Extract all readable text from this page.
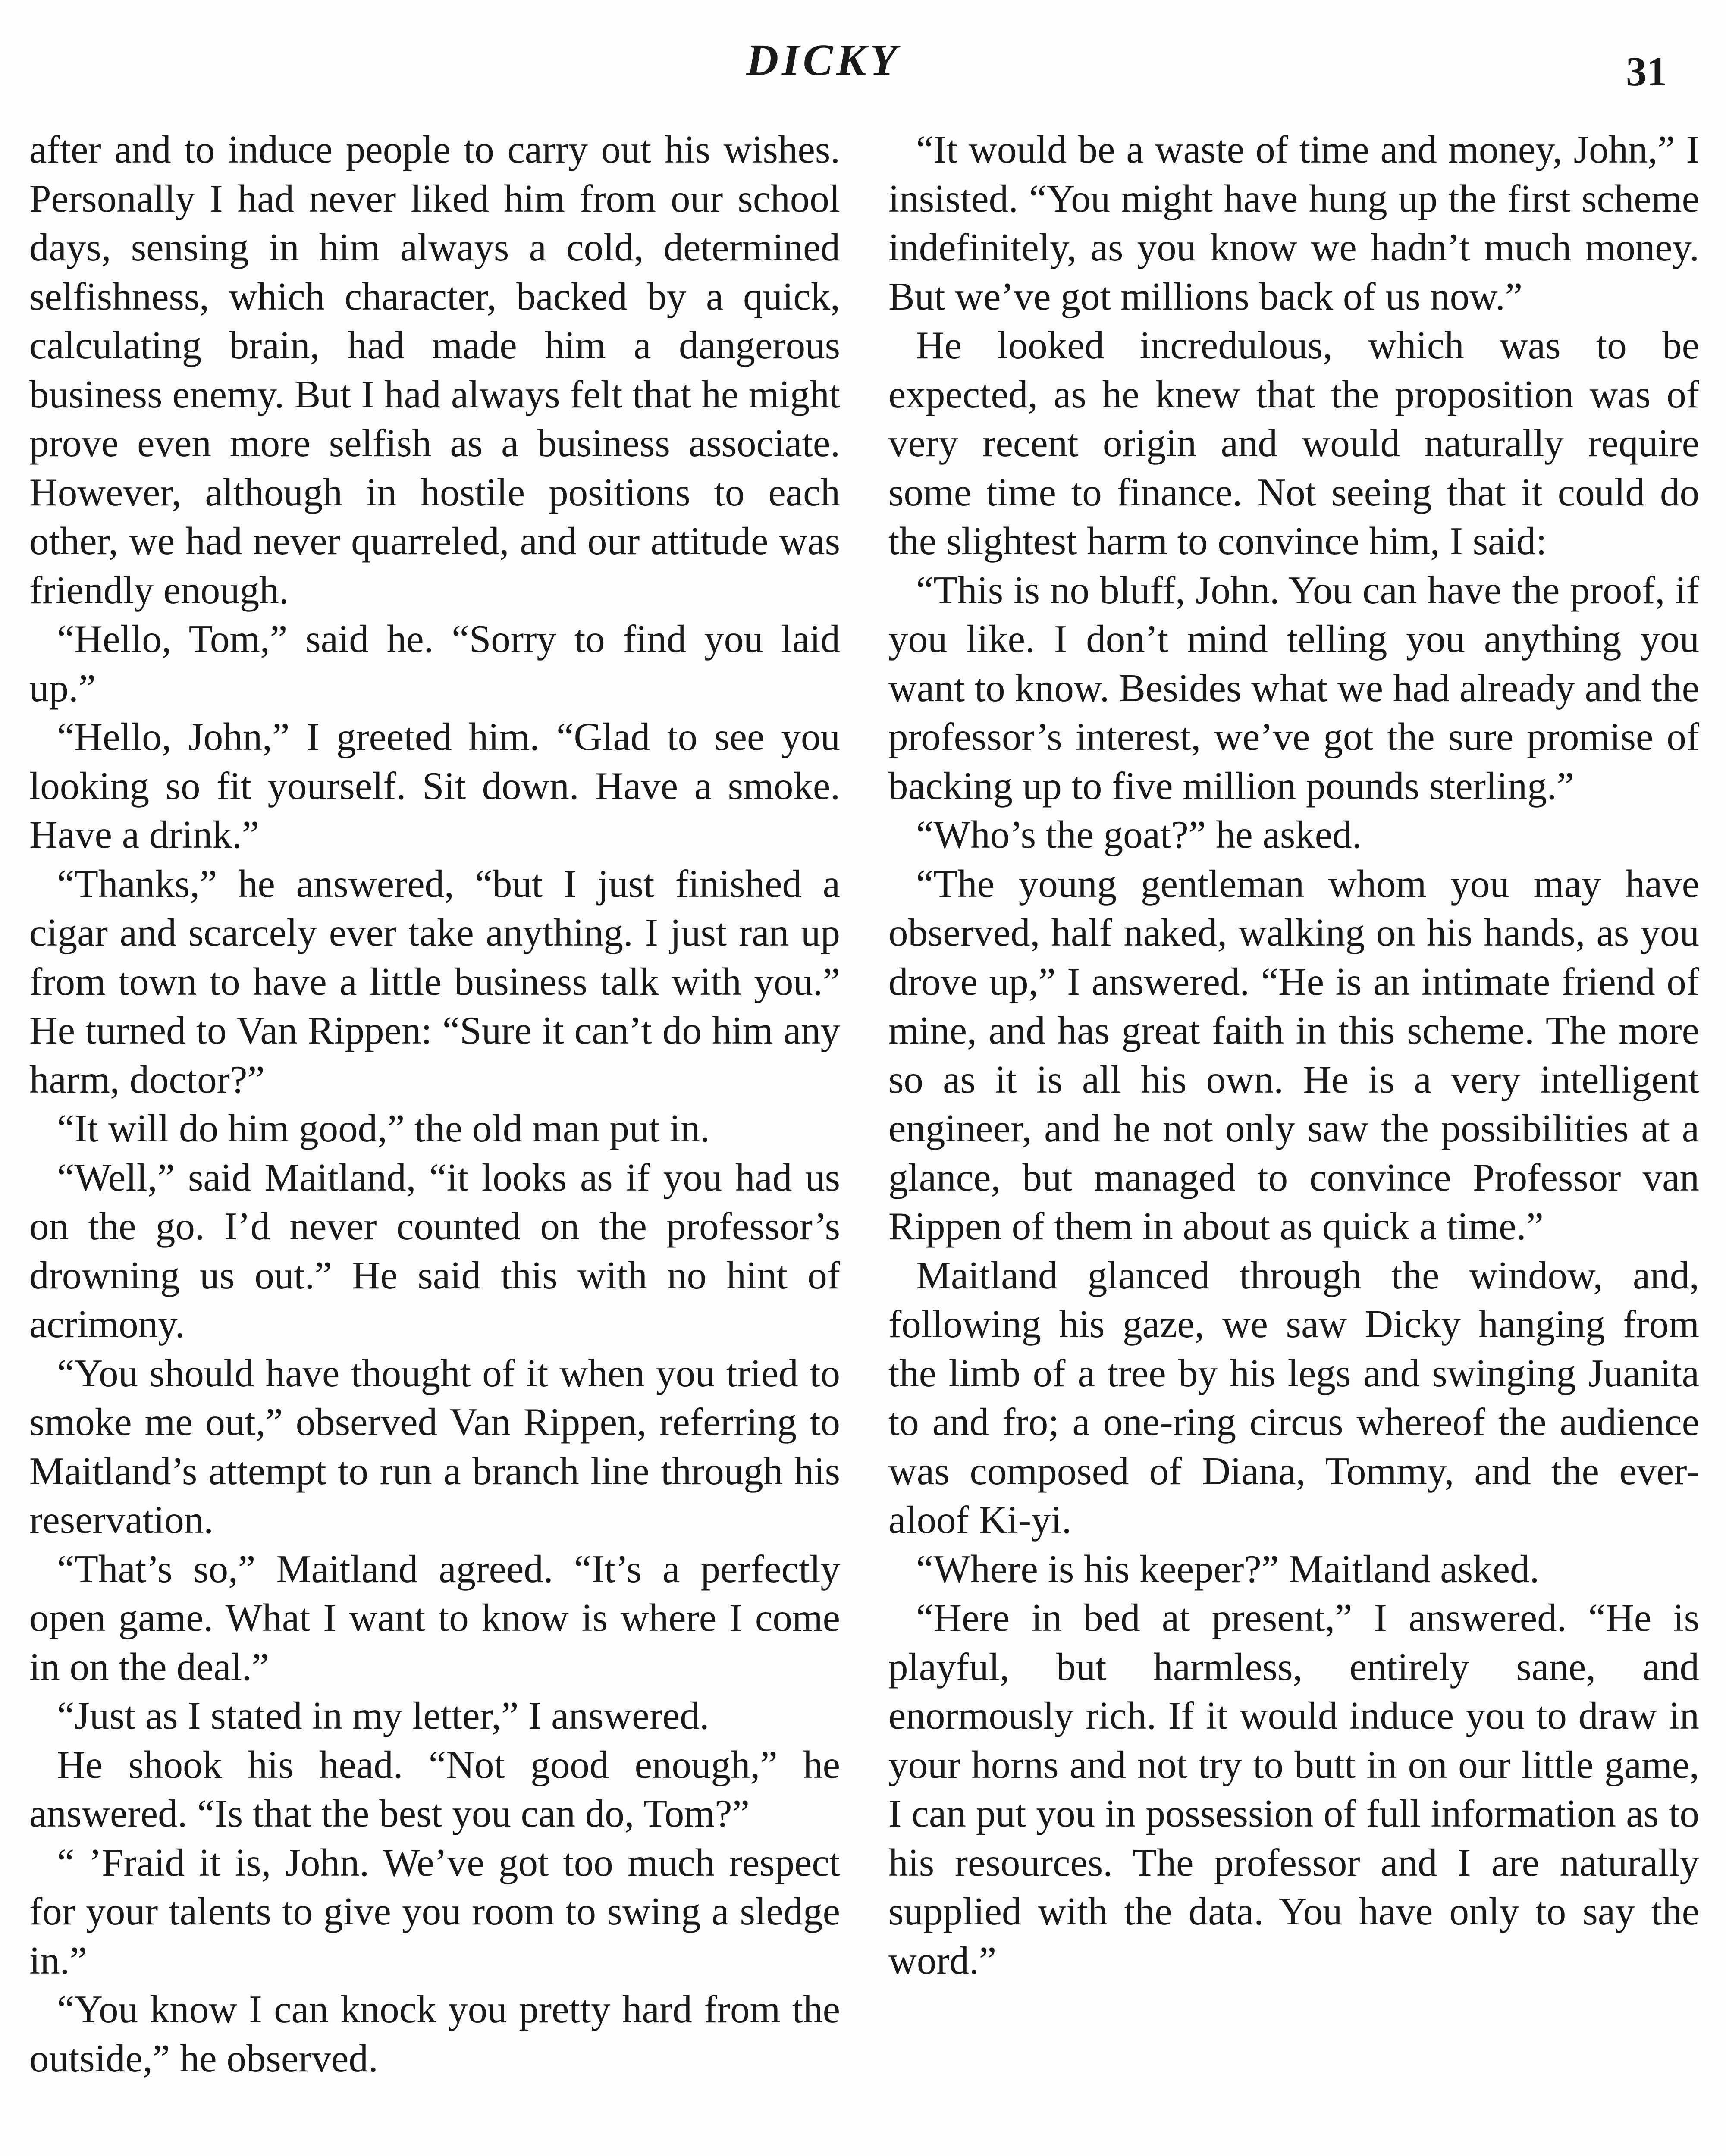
DICKY	31

after and to induce people to carry out his wishes. Personally I had never liked him from our school days, sensing in him always a cold, determined selfishness, which character, backed by a quick, calculating brain, had made him a dangerous business enemy. But I had always felt that he might prove even more selfish as a business associate. However, although in hostile positions to each other, we had never quarreled, and our attitude was friendly enough.

“Hello, Tom,” said he. “Sorry to find you laid up.”

“Hello, John,” I greeted him. “Glad to see you looking so fit yourself. Sit down. Have a smoke. Have a drink.”

“Thanks,” he answered, “but I just finished a cigar and scarcely ever take anything. I just ran up from town to have a little business talk with you.” He turned to Van Rippen: “Sure it can’t do him any harm, doctor?”

“It will do him good,” the old man put in.

“Well,” said Maitland, “it looks as if you had us on the go. I’d never counted on the professor’s drowning us out.” He said this with no hint of acrimony.

“You should have thought of it when you tried to smoke me out,” observed Van Rippen, referring to Maitland’s attempt to run a branch line through his reservation.

“That’s so,” Maitland agreed. “It’s a perfectly open game. What I want to know is where I come in on the deal.”

“Just as I stated in my letter,” I answered.

He shook his head. “Not good enough,” he answered. “Is that the best you can do, Tom?”

“ ’Fraid it is, John. We’ve got too much respect for your talents to give you room to swing a sledge in.”

“You know I can knock you pretty hard from the outside,” he observed.

“It would be a waste of time and money, John,” I insisted. “You might have hung up the first scheme indefinitely, as you know we hadn’t much money. But we’ve got millions back of us now.”

He looked incredulous, which was to be expected, as he knew that the proposition was of very recent origin and would naturally require some time to finance. Not seeing that it could do the slightest harm to convince him, I said:

“This is no bluff, John. You can have the proof, if you like. I don’t mind telling you anything you want to know. Besides what we had already and the professor’s interest, we’ve got the sure promise of backing up to five million pounds sterling.”

“Who’s the goat?” he asked.

“The young gentleman whom you may have observed, half naked, walking on his hands, as you drove up,” I answered. “He is an intimate friend of mine, and has great faith in this scheme. The more so as it is all his own. He is a very intelligent engineer, and he not only saw the possibilities at a glance, but managed to convince Professor van Rippen of them in about as quick a time.”

Maitland glanced through the window, and, following his gaze, we saw Dicky hanging from the limb of a tree by his legs and swinging Juanita to and fro; a one-ring circus whereof the audience was composed of Diana, Tommy, and the ever-aloof Ki-yi.

“Where is his keeper?” Maitland asked.

“Here in bed at present,” I answered. “He is playful, but harmless, entirely sane, and enormously rich. If it would induce you to draw in your horns and not try to butt in on our little game, I can put you in possession of full information as to his resources. The professor and I are naturally supplied with the data. You have only to say the word.”
